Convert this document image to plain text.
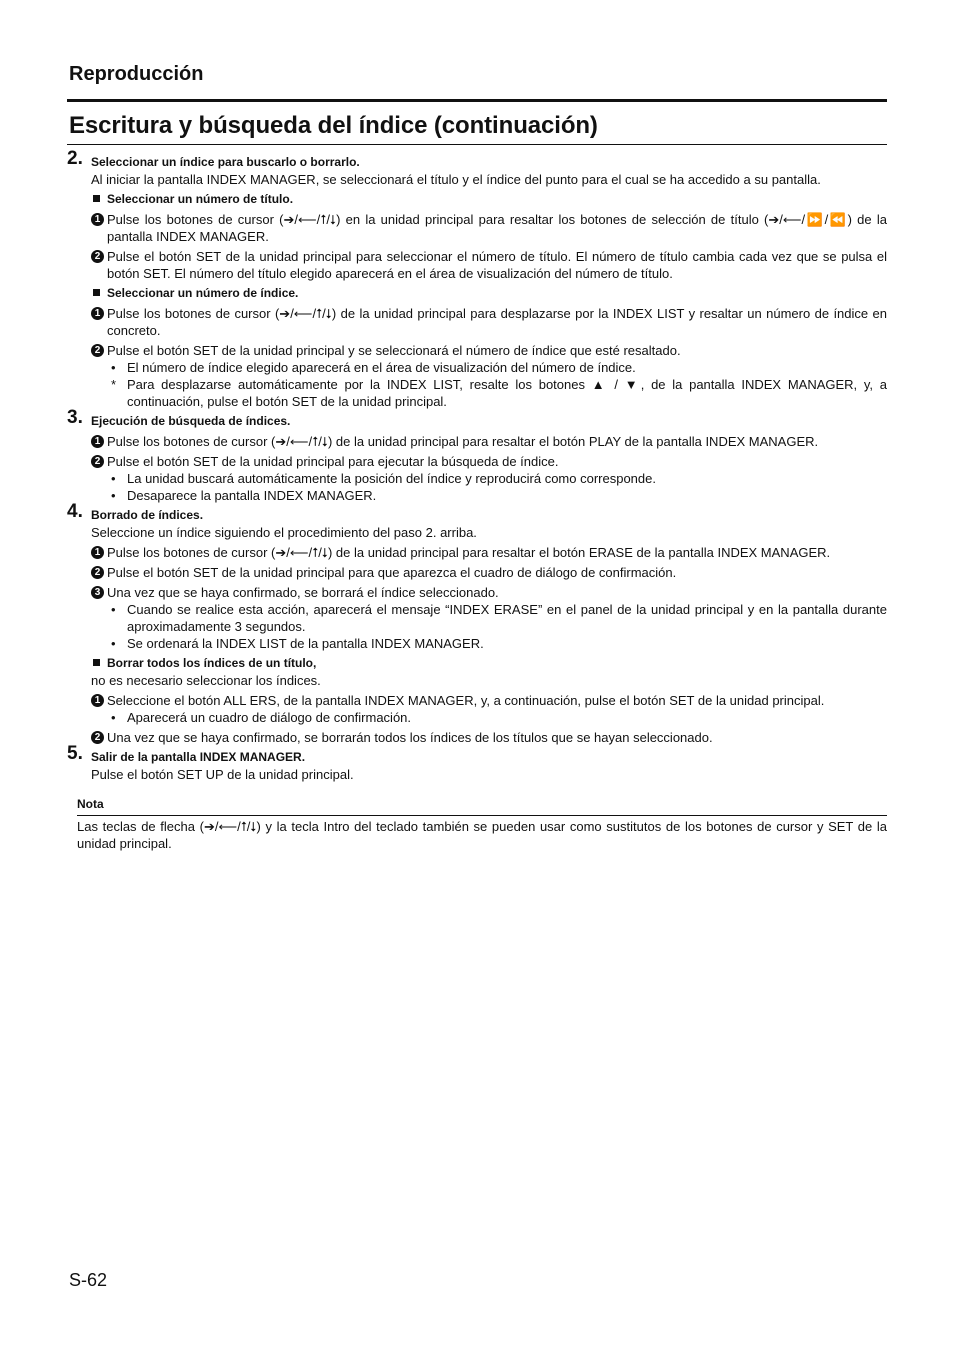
Reproducción
Escritura y búsqueda del índice (continuación)
2. Seleccionar un índice para buscarlo o borrarlo.
Al iniciar la pantalla INDEX MANAGER, se seleccionará el título y el índice del punto para el cual se ha accedido a su pantalla.
Seleccionar un número de título.
1 Pulse los botones de cursor (➔/⟵/⭡/⭣) en la unidad principal para resaltar los botones de selección de título (➔/⟵/⏩/⏪) de la pantalla INDEX MANAGER.
2 Pulse el botón SET de la unidad principal para seleccionar el número de título. El número de título cambia cada vez que se pulsa el botón SET. El número del título elegido aparecerá en el área de visualización del número de título.
Seleccionar un número de índice.
1 Pulse los botones de cursor (➔/⟵/⭡/⭣) de la unidad principal para desplazarse por la INDEX LIST y resaltar un número de índice en concreto.
2 Pulse el botón SET de la unidad principal y se seleccionará el número de índice que esté resaltado.
• El número de índice elegido aparecerá en el área de visualización del número de índice.
* Para desplazarse automáticamente por la INDEX LIST, resalte los botones ▲ / ▼, de la pantalla INDEX MANAGER, y, a continuación, pulse el botón SET de la unidad principal.
3. Ejecución de búsqueda de índices.
1 Pulse los botones de cursor (➔/⟵/⭡/⭣) de la unidad principal para resaltar el botón PLAY de la pantalla INDEX MANAGER.
2 Pulse el botón SET de la unidad principal para ejecutar la búsqueda de índice.
• La unidad buscará automáticamente la posición del índice y reproducirá como corresponde.
• Desaparece la pantalla INDEX MANAGER.
4. Borrado de índices.
Seleccione un índice siguiendo el procedimiento del paso 2. arriba.
1 Pulse los botones de cursor (➔/⟵/⭡/⭣) de la unidad principal para resaltar el botón ERASE de la pantalla INDEX MANAGER.
2 Pulse el botón SET de la unidad principal para que aparezca el cuadro de diálogo de confirmación.
3 Una vez que se haya confirmado, se borrará el índice seleccionado.
• Cuando se realice esta acción, aparecerá el mensaje “INDEX ERASE” en el panel de la unidad principal y en la pantalla durante aproximadamente 3 segundos.
• Se ordenará la INDEX LIST de la pantalla INDEX MANAGER.
Borrar todos los índices de un título,
no es necesario seleccionar los índices.
1 Seleccione el botón ALL ERS, de la pantalla INDEX MANAGER, y, a continuación, pulse el botón SET de la unidad principal.
• Aparecerá un cuadro de diálogo de confirmación.
2 Una vez que se haya confirmado, se borrarán todos los índices de los títulos que se hayan seleccionado.
5. Salir de la pantalla INDEX MANAGER.
Pulse el botón SET UP de la unidad principal.
Nota
Las teclas de flecha (➔/⟵/⭡/⭣) y la tecla Intro del teclado también se pueden usar como sustitutos de los botones de cursor y SET de la unidad principal.
S-62
